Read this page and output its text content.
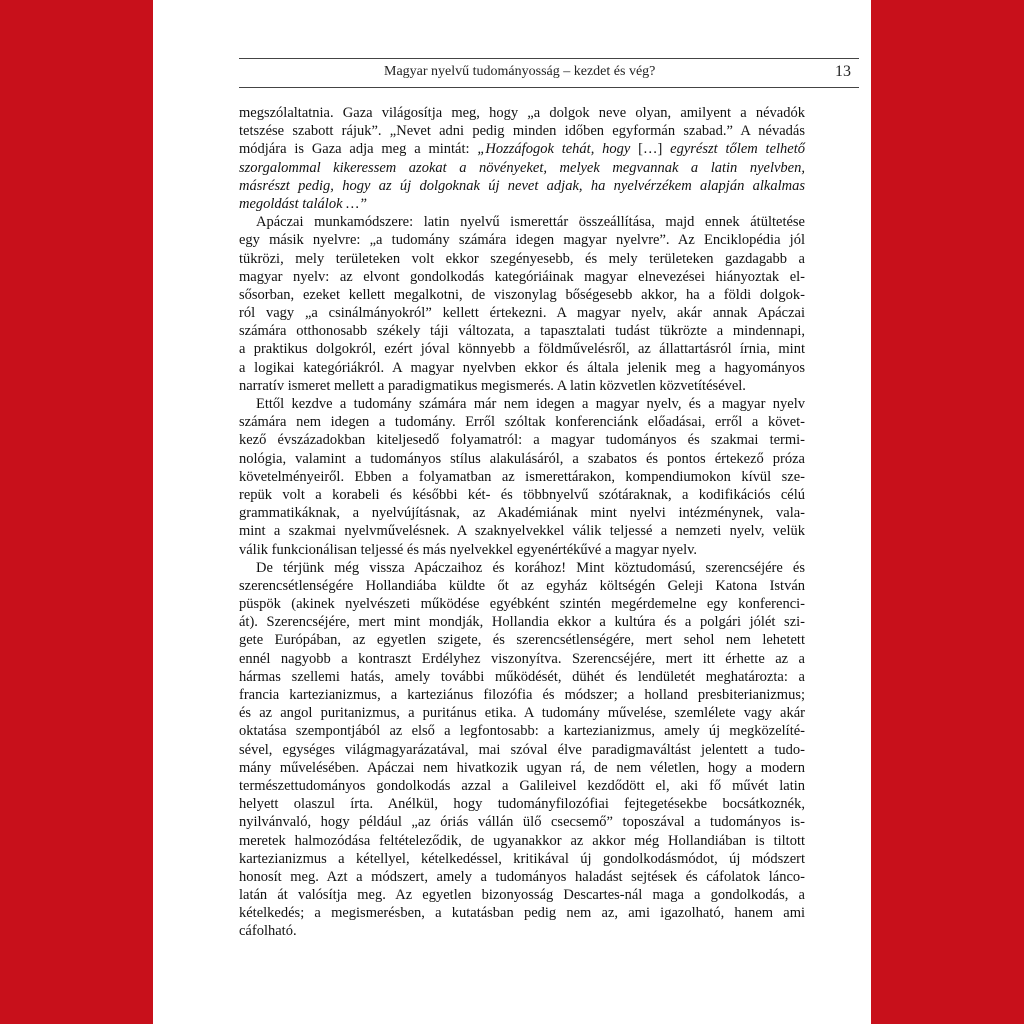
Magyar nyelvű tudományosság – kezdet és vég?	13
megszólaltatnia. Gaza világosítja meg, hogy „a dolgok neve olyan, amilyent a névadók
tetszése szabott rájuk”. „Nevet adni pedig minden időben egyformán szabad.” A névadás
módjára is Gaza adja meg a mintát: „Hozzáfogok tehát, hogy […] egyrészt tőlem telhető
szorgalommal kikeressem azokat a növényeket, melyek megvannak a latin nyelvben,
másrészt pedig, hogy az új dolgoknak új nevet adjak, ha nyelvérzékem alapján alkalmas
megoldást találok …”
Apáczai munkamódszere: latin nyelvű ismerettár összeállítása, majd ennek átültetése
egy másik nyelvre: „a tudomány számára idegen magyar nyelvre”. Az Enciklopédia jól
tükrözi, mely területeken volt ekkor szegényesebb, és mely területeken gazdagabb a
magyar nyelv: az elvont gondolkodás kategóriáinak magyar elnevezései hiányoztak el-
sősorban, ezeket kellett megalkotni, de viszonylag bőségesebb akkor, ha a földi dolgok-
ról vagy „a csinálmányokról” kellett értekezni. A magyar nyelv, akár annak Apáczai
számára otthonosabb székely táji változata, a tapasztalati tudást tükrözte a mindennapi,
a praktikus dolgokról, ezért jóval könnyebb a földművelésről, az állattartásról írnia, mint
a logikai kategóriákról. A magyar nyelvben ekkor és általa jelenik meg a hagyományos
narratív ismeret mellett a paradigmatikus megismerés. A latin közvetlen közvetítésével.
Ettől kezdve a tudomány számára már nem idegen a magyar nyelv, és a magyar nyelv
számára nem idegen a tudomány. Erről szóltak konferenciánk előadásai, erről a követ-
kező évszázadokban kiteljesedő folyamatról: a magyar tudományos és szakmai termi-
nológia, valamint a tudományos stílus alakulásáról, a szabatos és pontos értekező próza
követelményeiről. Ebben a folyamatban az ismerettárakon, kompendiumokon kívül sze-
repük volt a korabeli és későbbi két- és többnyelvű szótáraknak, a kodifikációs célú
grammatikáknak, a nyelvújításnak, az Akadémiának mint nyelvi intézménynek, vala-
mint a szakmai nyelvművelésnek. A szaknyelvekkel válik teljessé a nemzeti nyelv, velük
válik funkcionálisan teljessé és más nyelvekkel egyenértékűvé a magyar nyelv.
De térjünk még vissza Apáczaihoz és korához! Mint köztudomású, szerencséjére és
szerencsétlenségére Hollandiába küldte őt az egyház költségén Geleji Katona István
püspök (akinek nyelvészeti működése egyébként szintén megérdemelne egy konferenci-
át). Szerencséjére, mert mint mondják, Hollandia ekkor a kultúra és a polgári jólét szi-
gete Európában, az egyetlen szigete, és szerencsétlenségére, mert sehol nem lehetett
ennél nagyobb a kontraszt Erdélyhez viszonyítva. Szerencséjére, mert itt érhette az a
hármas szellemi hatás, amely további működését, dühét és lendületét meghatározta: a
francia kartezianizmus, a karteziánus filozófia és módszer; a holland presbiterianizmus;
és az angol puritanizmus, a puritánus etika. A tudomány művelése, szemlélete vagy akár
oktatása szempontjából az első a legfontosabb: a kartezianizmus, amely új megközelíté-
sével, egységes világmagyarázatával, mai szóval élve paradigmaváltást jelentett a tudo-
mány művelésében. Apáczai nem hivatkozik ugyan rá, de nem véletlen, hogy a modern
természettudományos gondolkodás azzal a Galileivel kezdődött el, aki fő művét latin
helyett olaszul írta. Anélkül, hogy tudományfilozófiai fejtegetésekbe bocsátkoznék,
nyilvánvaló, hogy például „az óriás vállán ülő csecsemő” toposzával a tudományos is-
meretek halmozódása feltételeződik, de ugyanakkor az akkor még Hollandiában is tiltott
kartezianizmus a kétellyel, kételkedéssel, kritikával új gondolkodásmódot, új módszert
honosít meg. Azt a módszert, amely a tudományos haladást sejtések és cáfolatok lánco-
latán át valósítja meg. Az egyetlen bizonyosság Descartes-nál maga a gondolkodás, a
kételkedés; a megismerésben, a kutatásban pedig nem az, ami igazolható, hanem ami
cáfolható.
